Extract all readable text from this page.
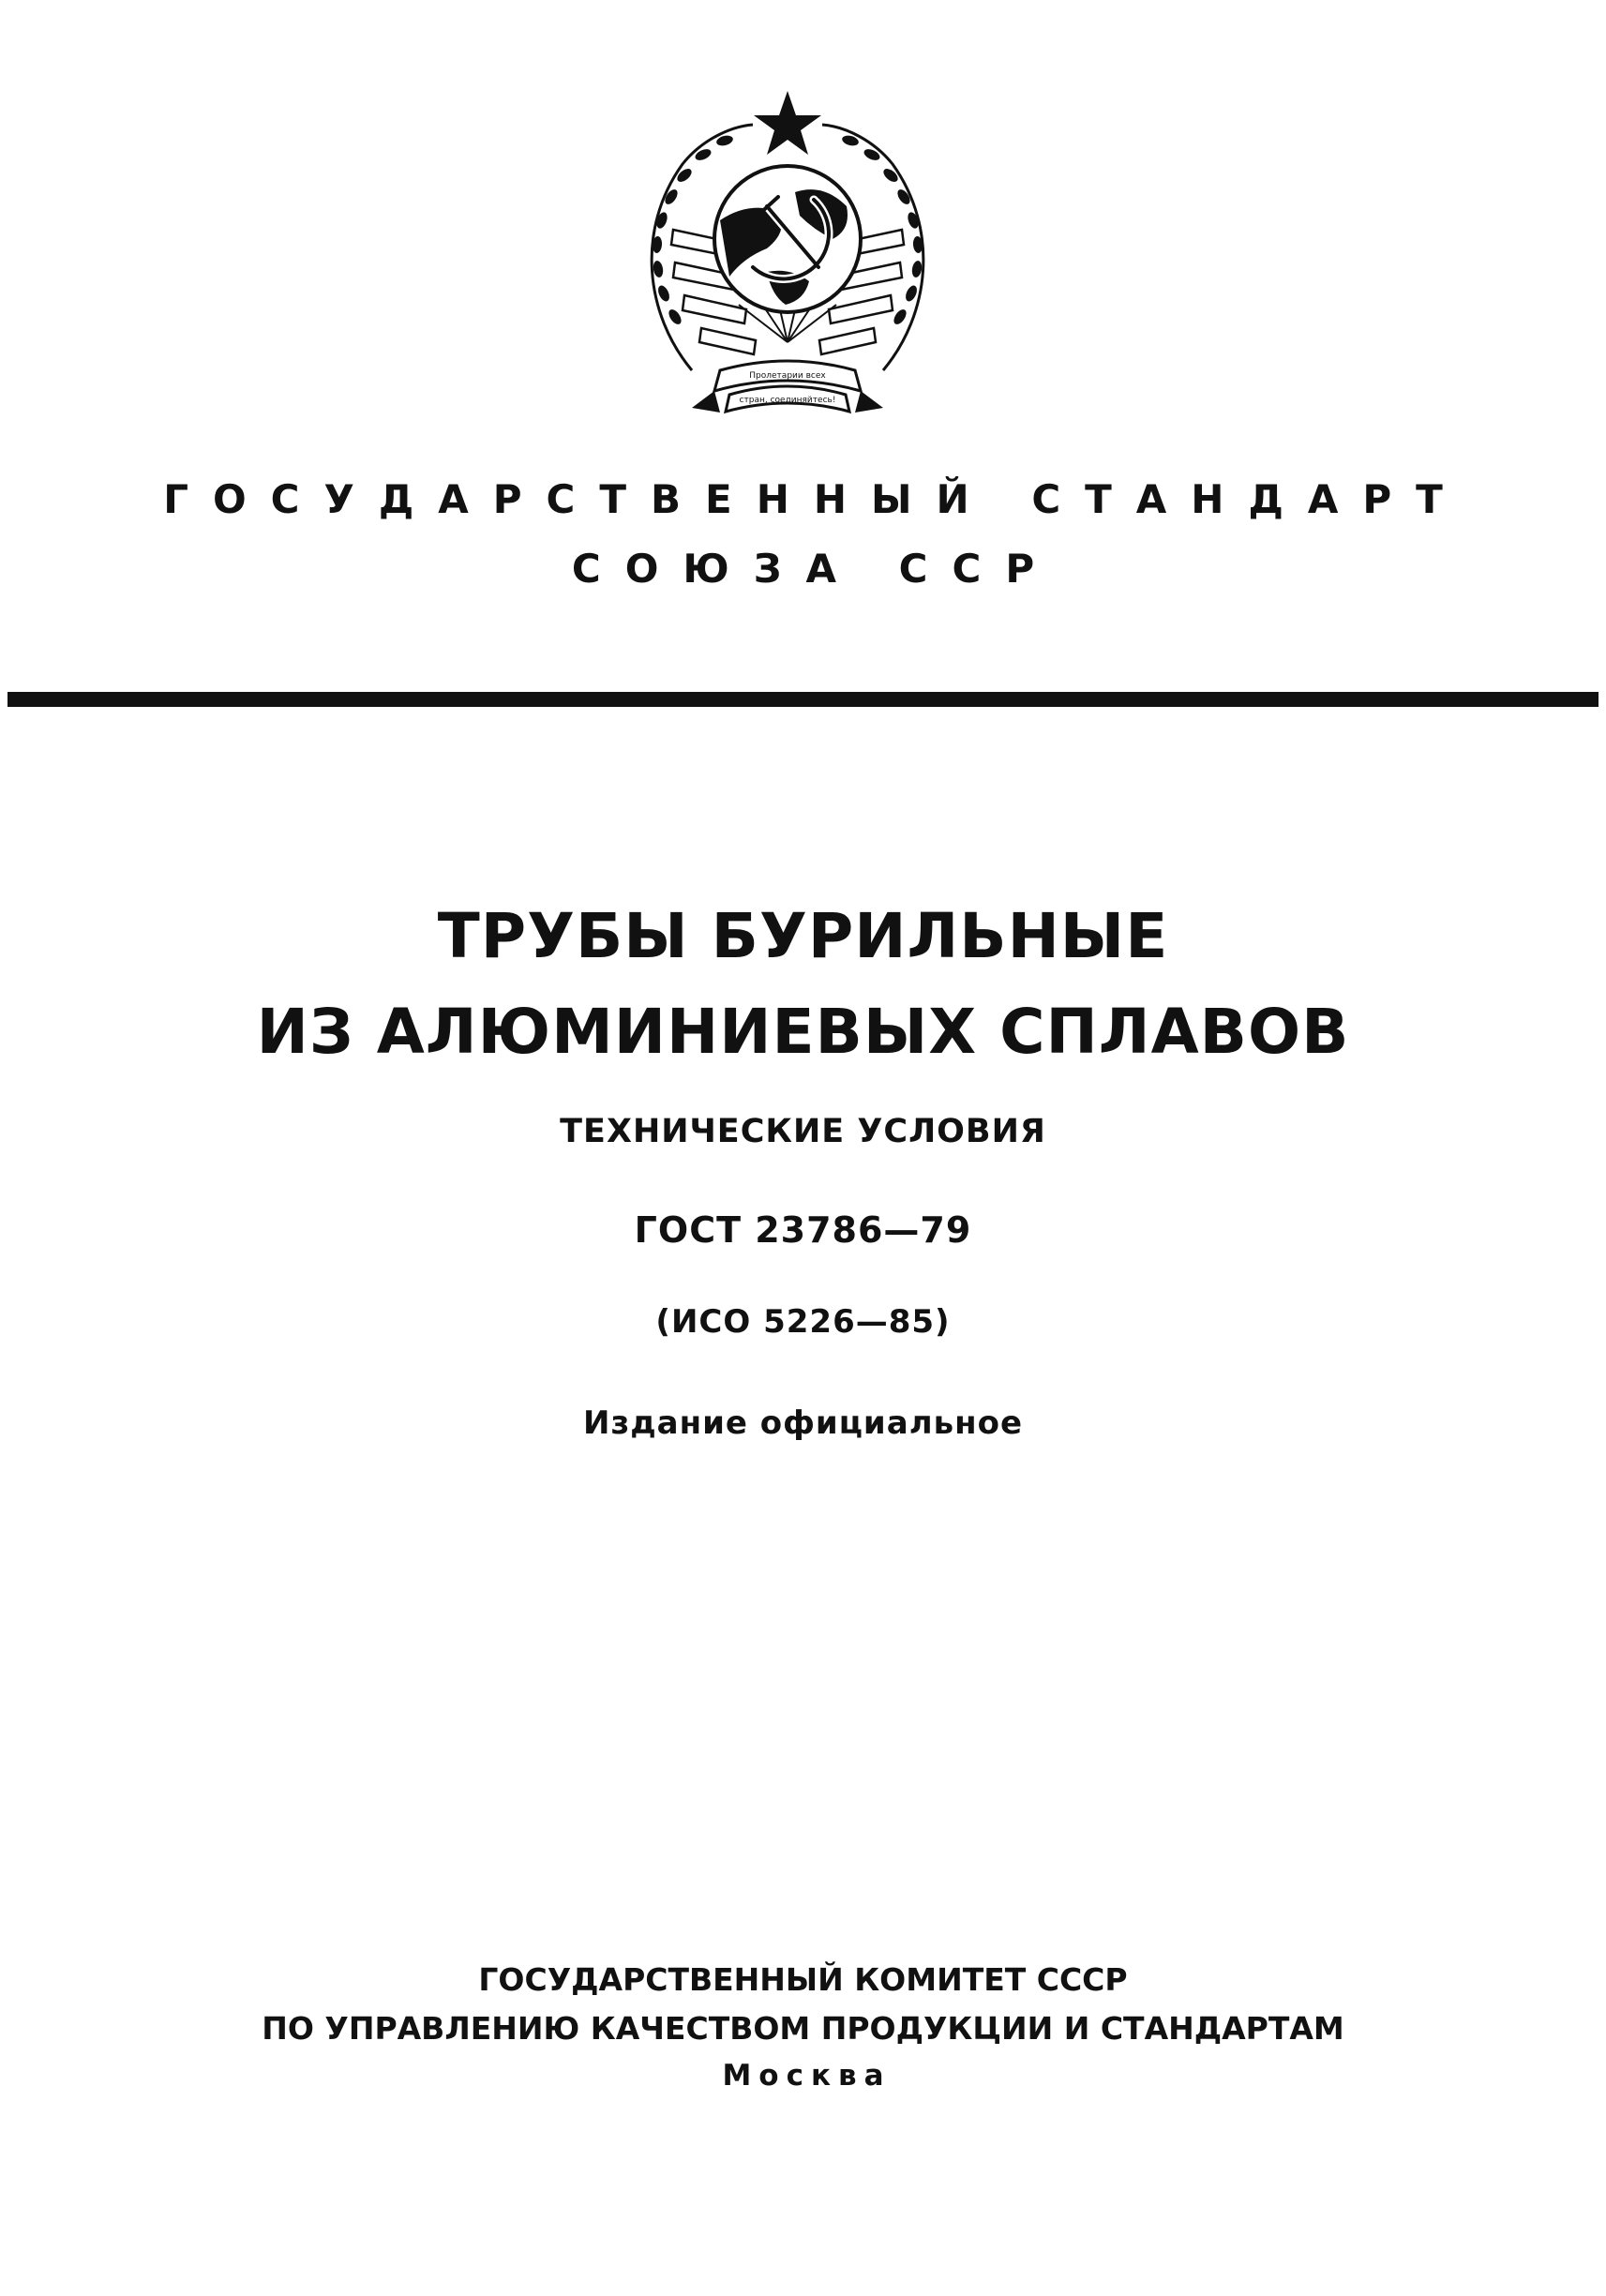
Пролетарии всех
стран, соединяйтесь!
ГОСУДАРСТВЕННЫЙ СТАНДАРТ
СОЮЗА ССР
ТРУБЫ БУРИЛЬНЫЕ
ИЗ АЛЮМИНИЕВЫХ СПЛАВОВ
ТЕХНИЧЕСКИЕ УСЛОВИЯ
ГОСТ 23786—79
(ИСО 5226—85)
Издание официальное
ГОСУДАРСТВЕННЫЙ КОМИТЕТ СССР
ПО УПРАВЛЕНИЮ КАЧЕСТВОМ ПРОДУКЦИИ И СТАНДАРТАМ
Москва
